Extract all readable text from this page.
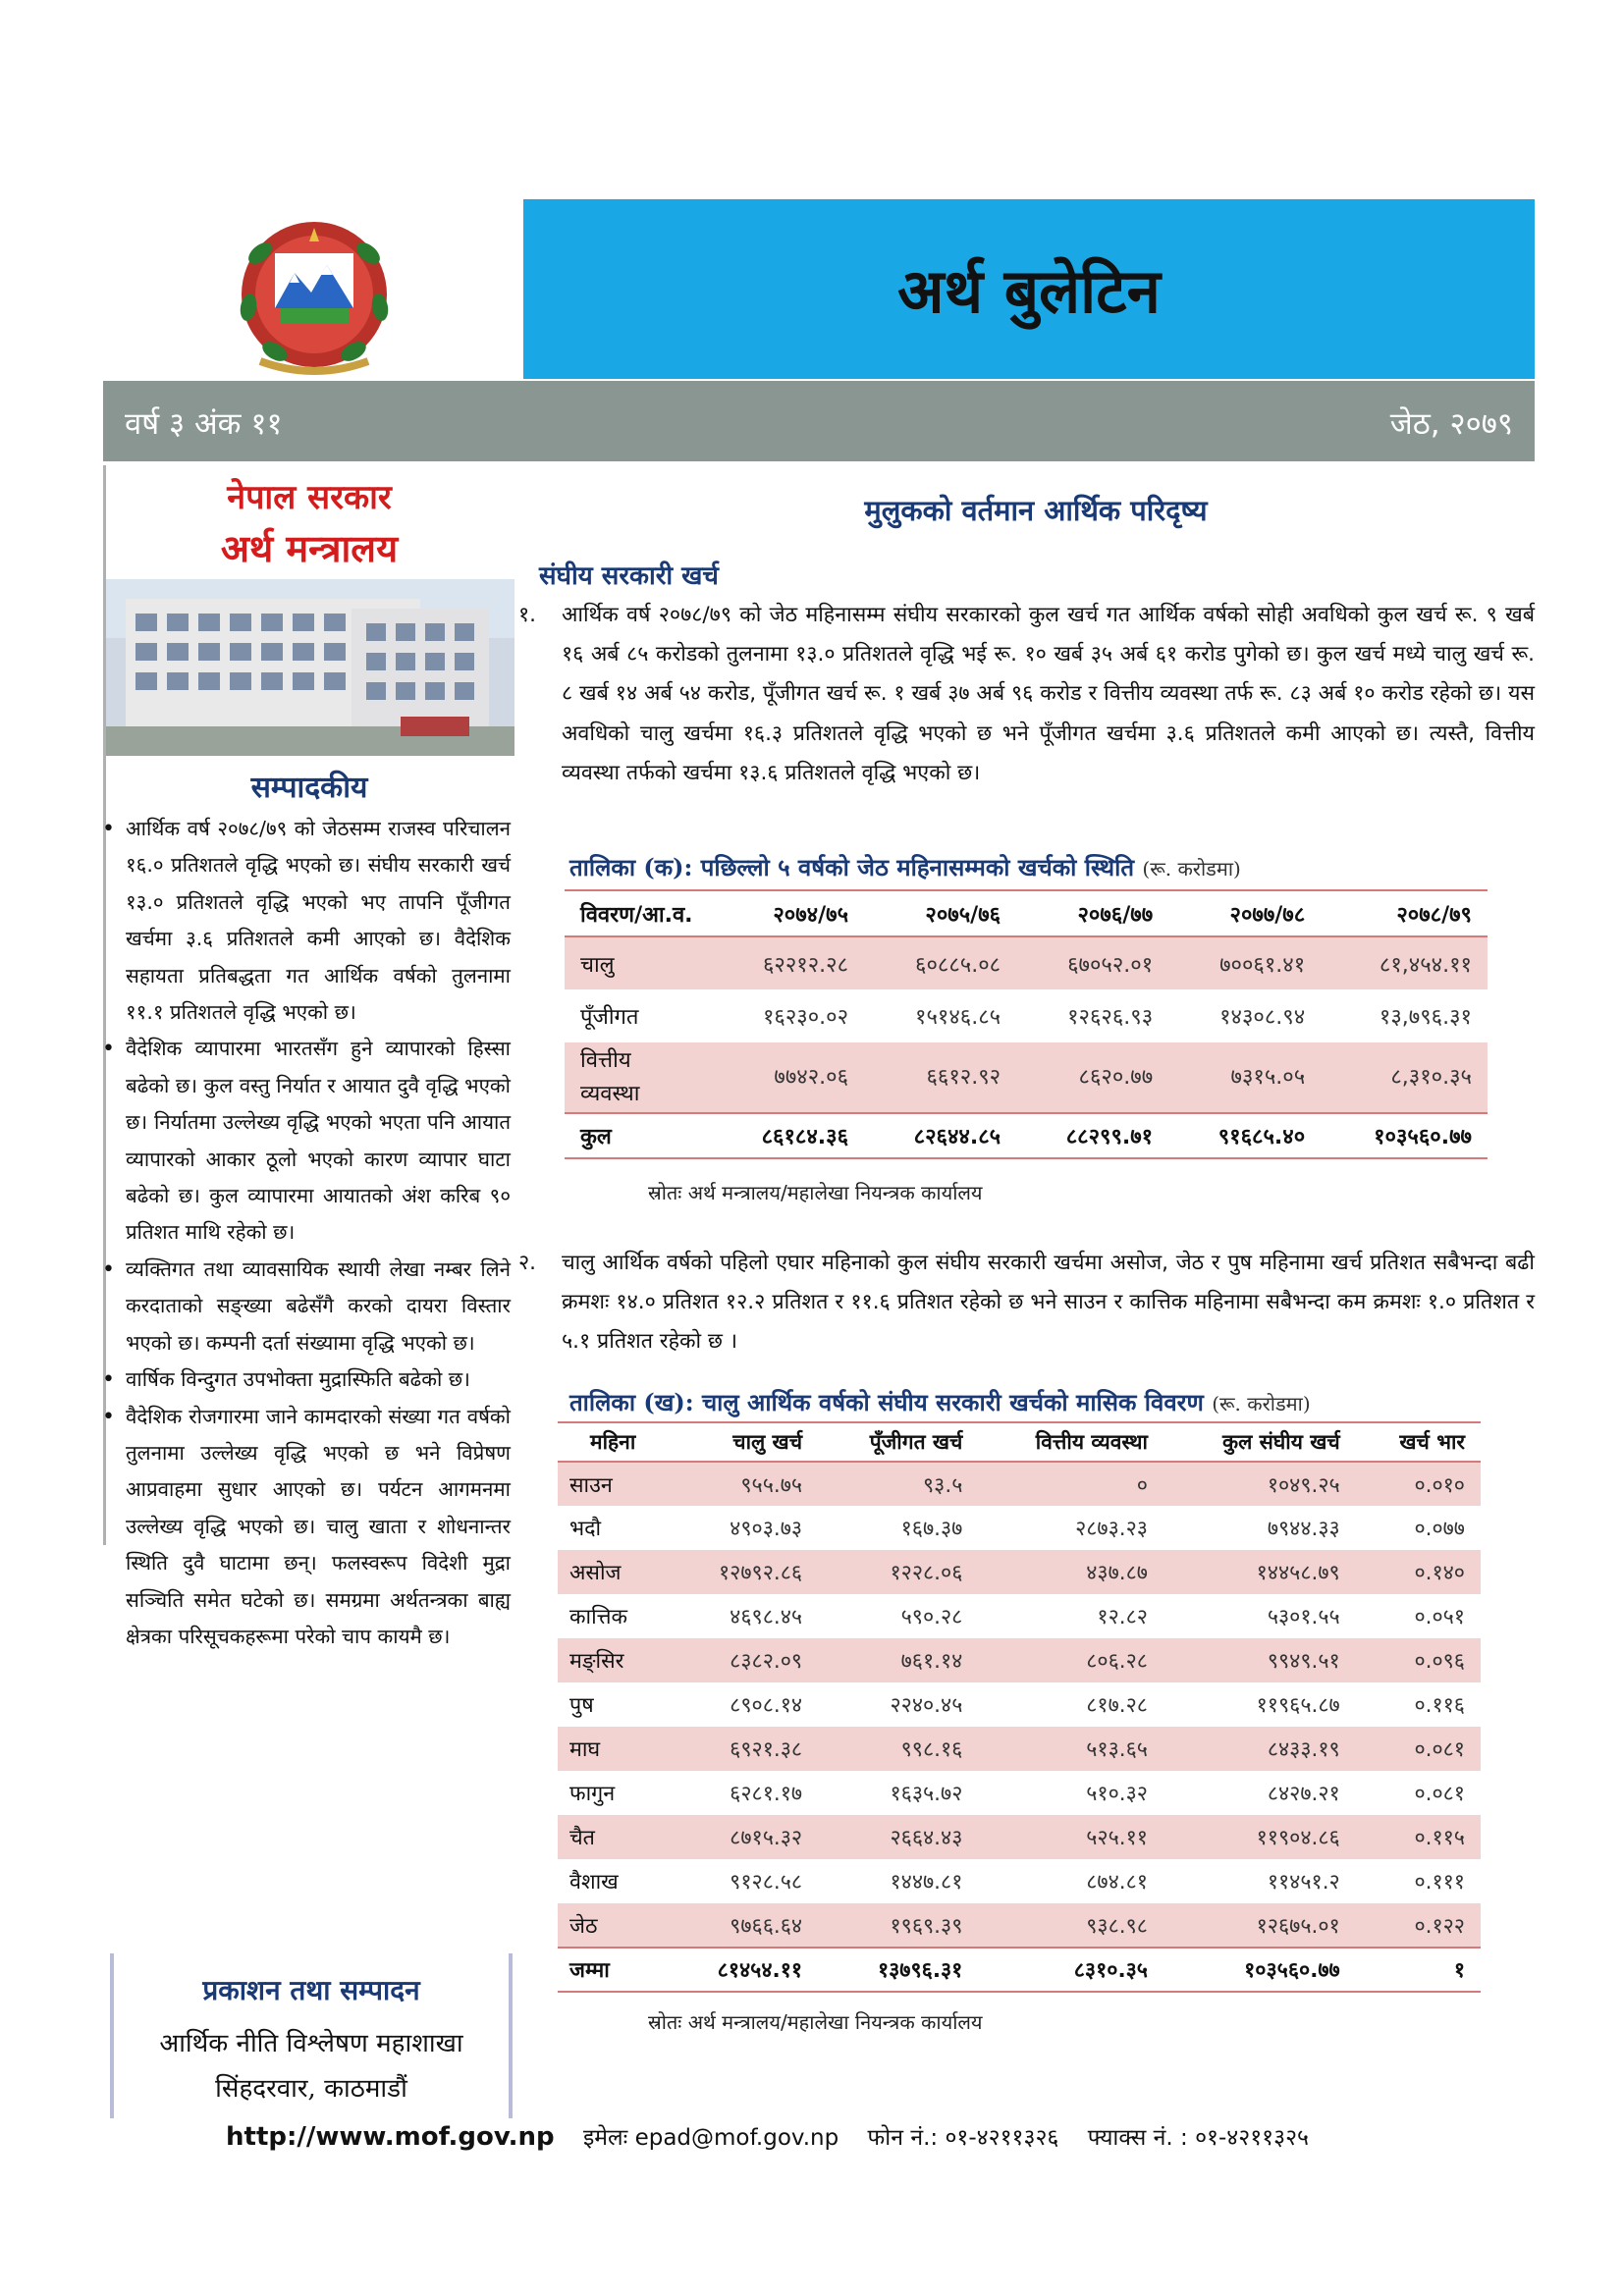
अर्थ बुलेटिन
वर्ष ३ अंक ११	जेठ, २०७९
नेपाल सरकार
अर्थ मन्त्रालय
सम्पादकीय
• आर्थिक वर्ष २०७८/७९ को जेठसम्म राजस्व परिचालन १६.० प्रतिशतले वृद्धि भएको छ। संघीय सरकारी खर्च १३.० प्रतिशतले वृद्धि भएको भए तापनि पूँजीगत खर्चमा ३.६ प्रतिशतले कमी आएको छ। वैदेशिक सहायता प्रतिबद्धता गत आर्थिक वर्षको तुलनामा ११.१ प्रतिशतले वृद्धि भएको छ।
• वैदेशिक व्यापारमा भारतसँग हुने व्यापारको हिस्सा बढेको छ। कुल वस्तु निर्यात र आयात दुवै वृद्धि भएको छ। निर्यातमा उल्लेख्य वृद्धि भएको भएता पनि आयात व्यापारको आकार ठूलो भएको कारण व्यापार घाटा बढेको छ। कुल व्यापारमा आयातको अंश करिब ९० प्रतिशत माथि रहेको छ।
• व्यक्तिगत तथा व्यावसायिक स्थायी लेखा नम्बर लिने करदाताको सङ्ख्या बढेसँगै करको दायरा विस्तार भएको छ। कम्पनी दर्ता संख्यामा वृद्धि भएको छ।
• वार्षिक विन्दुगत उपभोक्ता मुद्रास्फिति बढेको छ।
• वैदेशिक रोजगारमा जाने कामदारको संख्या गत वर्षको तुलनामा उल्लेख्य वृद्धि भएको छ भने विप्रेषण आप्रवाहमा सुधार आएको छ। पर्यटन आगमनमा उल्लेख्य वृद्धि भएको छ। चालु खाता र शोधनान्तर स्थिति दुवै घाटामा छन्। फलस्वरूप विदेशी मुद्रा सञ्चिति समेत घटेको छ। समग्रमा अर्थतन्त्रका बाह्य क्षेत्रका परिसूचकहरूमा परेको चाप कायमै छ।
प्रकाशन तथा सम्पादन
आर्थिक नीति विश्लेषण महाशाखा
सिंहदरवार, काठमाडौं
मुलुकको वर्तमान आर्थिक परिदृष्य
संघीय सरकारी खर्च
१. आर्थिक वर्ष २०७८/७९ को जेठ महिनासम्म संघीय सरकारको कुल खर्च गत आर्थिक वर्षको सोही अवधिको कुल खर्च रू. ९ खर्ब १६ अर्ब ८५ करोडको तुलनामा १३.० प्रतिशतले वृद्धि भई रू. १० खर्ब ३५ अर्ब ६१ करोड पुगेको छ। कुल खर्च मध्ये चालु खर्च रू. ८ खर्ब १४ अर्ब ५४ करोड, पूँजीगत खर्च रू. १ खर्ब ३७ अर्ब ९६ करोड र वित्तीय व्यवस्था तर्फ रू. ८३ अर्ब १० करोड रहेको छ। यस अवधिको चालु खर्चमा १६.३ प्रतिशतले वृद्धि भएको छ भने पूँजीगत खर्चमा ३.६ प्रतिशतले कमी आएको छ। त्यस्तै, वित्तीय व्यवस्था तर्फको खर्चमा १३.६ प्रतिशतले वृद्धि भएको छ।
तालिका (क): पछिल्लो ५ वर्षको जेठ महिनासम्मको खर्चको स्थिति (रू. करोडमा)
विवरण/आ.व.	२०७४/७५	२०७५/७६	२०७६/७७	२०७७/७८	२०७८/७९
चालु	६२२१२.२८	६०८८५.०८	६७०५२.०१	७००६१.४१	८१,४५४.११
पूँजीगत	१६२३०.०२	१५१४६.८५	१२६२६.९३	१४३०८.९४	१३,७९६.३१
वित्तीय व्यवस्था	७७४२.०६	६६१२.९२	८६२०.७७	७३१५.०५	८,३१०.३५
कुल	८६१८४.३६	८२६४४.८५	८८२९९.७१	९१६८५.४०	१०३५६०.७७
स्रोतः अर्थ मन्त्रालय/महालेखा नियन्त्रक कार्यालय
२. चालु आर्थिक वर्षको पहिलो एघार महिनाको कुल संघीय सरकारी खर्चमा असोज, जेठ र पुष महिनामा खर्च प्रतिशत सबैभन्दा बढी क्रमशः १४.० प्रतिशत १२.२ प्रतिशत र ११.६ प्रतिशत रहेको छ भने साउन र कात्तिक महिनामा सबैभन्दा कम क्रमशः १.० प्रतिशत र ५.१ प्रतिशत रहेको छ ।
तालिका (ख): चालु आर्थिक वर्षको संघीय सरकारी खर्चको मासिक विवरण (रू. करोडमा)
महिना	चालु खर्च	पूँजीगत खर्च	वित्तीय व्यवस्था	कुल संघीय खर्च	खर्च भार
साउन	९५५.७५	९३.५	०	१०४९.२५	०.०१०
भदौ	४९०३.७३	१६७.३७	२८७३.२३	७९४४.३३	०.०७७
असोज	१२७९२.८६	१२२८.०६	४३७.८७	१४४५८.७९	०.१४०
कात्तिक	४६९८.४५	५९०.२८	१२.८२	५३०१.५५	०.०५१
मङ्सिर	८३८२.०९	७६१.१४	८०६.२८	९९४९.५१	०.०९६
पुष	८९०८.१४	२२४०.४५	८१७.२८	११९६५.८७	०.११६
माघ	६९२१.३८	९९८.१६	५१३.६५	८४३३.१९	०.०८१
फागुन	६२८१.१७	१६३५.७२	५१०.३२	८४२७.२१	०.०८१
चैत	८७१५.३२	२६६४.४३	५२५.११	११९०४.८६	०.११५
वैशाख	९१२८.५८	१४४७.८१	८७४.८१	११४५१.२	०.१११
जेठ	९७६६.६४	१९६९.३९	९३८.९८	१२६७५.०१	०.१२२
जम्मा	८१४५४.११	१३७९६.३१	८३१०.३५	१०३५६०.७७	१
स्रोतः अर्थ मन्त्रालय/महालेखा नियन्त्रक कार्यालय
http://www.mof.gov.np इमेलः epad@mof.gov.np फोन नं.: ०१-४२११३२६ फ्याक्स नं. : ०१-४२११३२५
